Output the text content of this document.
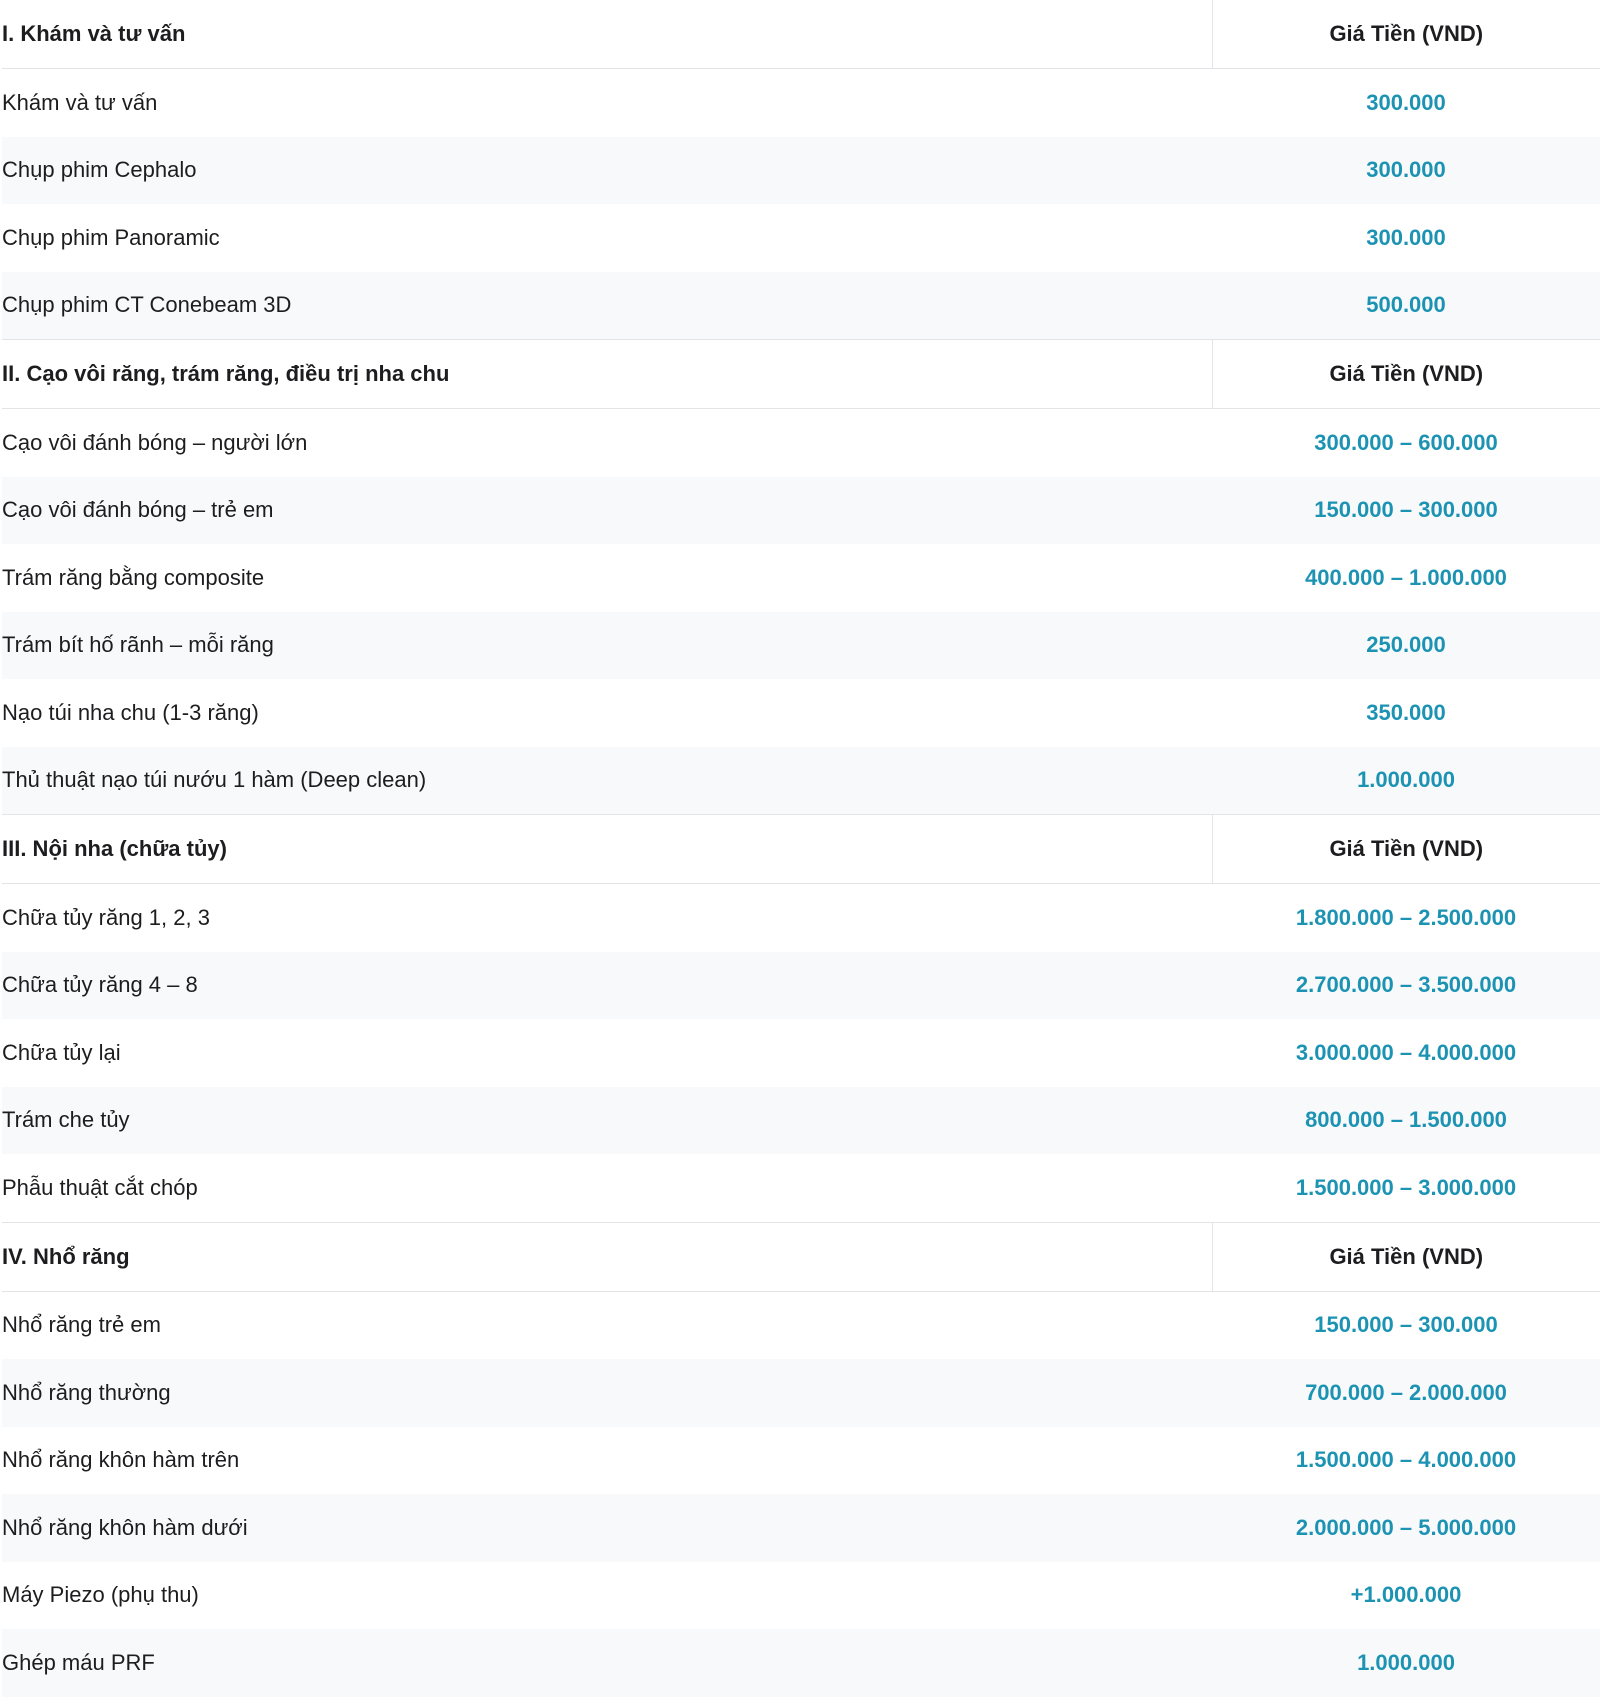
I. Khám và tư vấn	Giá Tiền (VND)
Khám và tư vấn	300.000
Chụp phim Cephalo	300.000
Chụp phim Panoramic	300.000
Chụp phim CT Conebeam 3D	500.000
II. Cạo vôi răng, trám răng, điều trị nha chu	Giá Tiền (VND)
Cạo vôi đánh bóng – người lớn	300.000 – 600.000
Cạo vôi đánh bóng – trẻ em	150.000 – 300.000
Trám răng bằng composite	400.000 – 1.000.000
Trám bít hố rãnh – mỗi răng	250.000
Nạo túi nha chu (1-3 răng)	350.000
Thủ thuật nạo túi nướu 1 hàm (Deep clean)	1.000.000
III. Nội nha (chữa tủy)	Giá Tiền (VND)
Chữa tủy răng 1, 2, 3	1.800.000 – 2.500.000
Chữa tủy răng 4 – 8	2.700.000 – 3.500.000
Chữa tủy lại	3.000.000 – 4.000.000
Trám che tủy	800.000 – 1.500.000
Phẫu thuật cắt chóp	1.500.000 – 3.000.000
IV. Nhổ răng	Giá Tiền (VND)
Nhổ răng trẻ em	150.000 – 300.000
Nhổ răng thường	700.000 – 2.000.000
Nhổ răng khôn hàm trên	1.500.000 – 4.000.000
Nhổ răng khôn hàm dưới	2.000.000 – 5.000.000
Máy Piezo (phụ thu)	+1.000.000
Ghép máu PRF	1.000.000
